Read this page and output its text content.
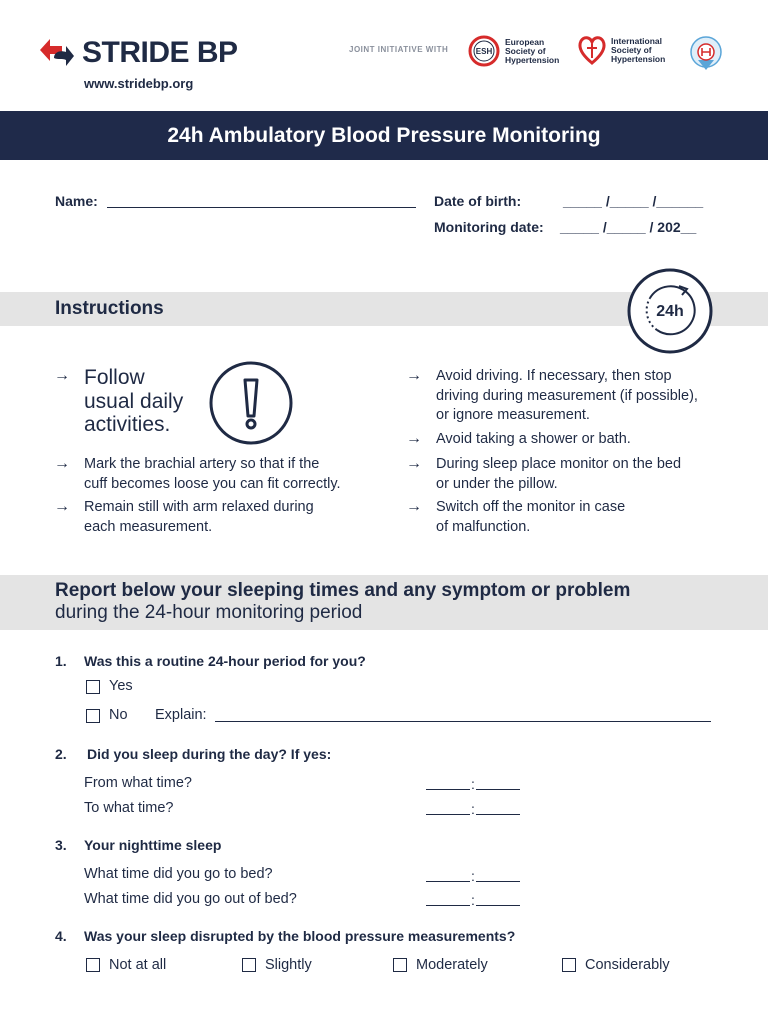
STRIDE BP
www.stridebp.org
JOINT INITIATIVE WITH	ESH
European
Society of
Hypertension
International
Society of
Hypertension
24h Ambulatory Blood Pressure Monitoring
Name:	Date of birth:	_____ /_____ /______
Monitoring date: _____ /_____ / 202__
Instructions	24h
→ Follow
usual daily
activities.
→ Mark the brachial artery so that if the
cuff becomes loose you can fit correctly.
→ Remain still with arm relaxed during
each measurement.
→ Avoid driving. If necessary, then stop
driving during measurement (if possible),
or ignore measurement.
→ Avoid taking a shower or bath.
→ During sleep place monitor on the bed
or under the pillow.
→ Switch off the monitor in case
of malfunction.
Report below your sleeping times and any symptom or problem
during the 24-hour monitoring period
1. Was this a routine 24-hour period for you?
Yes
No Explain:
2. Did you sleep during the day? If yes:
From what time?	:
To what time?	:
3. Your nighttime sleep
What time did you go to bed?	:
What time did you go out of bed?	:
4. Was your sleep disrupted by the blood pressure measurements?
Not at all	Slightly	Moderately	Considerably
